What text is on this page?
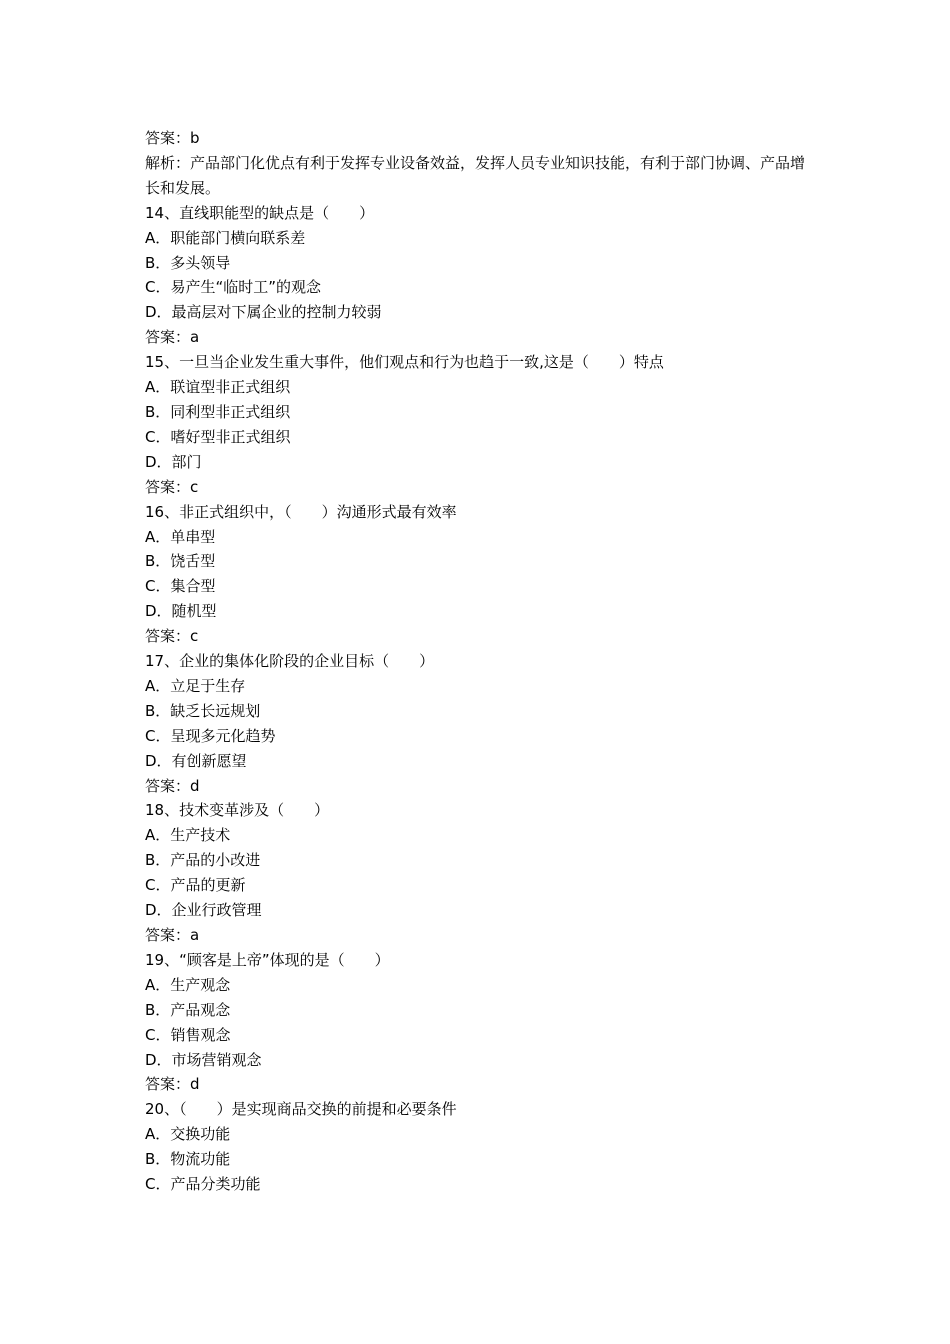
答案：b

解析：产品部门化优点有利于发挥专业设备效益，发挥人员专业知识技能，有利于部门协调、产品增长和发展。

14、直线职能型的缺点是（　　）

A．职能部门横向联系差

B．多头领导

C．易产生“临时工”的观念

D．最高层对下属企业的控制力较弱

答案：a

15、一旦当企业发生重大事件，他们观点和行为也趋于一致,这是（　　）特点

A．联谊型非正式组织

B．同利型非正式组织

C．嗜好型非正式组织

D．部门

答案：c

16、非正式组织中，（　　）沟通形式最有效率

A．单串型

B．饶舌型

C．集合型

D．随机型

答案：c

17、企业的集体化阶段的企业目标（　　）

A．立足于生存

B．缺乏长远规划

C．呈现多元化趋势

D．有创新愿望

答案：d

18、技术变革涉及（　　）

A．生产技术

B．产品的小改进

C．产品的更新

D．企业行政管理

答案：a

19、“顾客是上帝”体现的是（　　）

A．生产观念

B．产品观念

C．销售观念

D．市场营销观念

答案：d

20、（　　）是实现商品交换的前提和必要条件

A．交换功能

B．物流功能

C．产品分类功能
